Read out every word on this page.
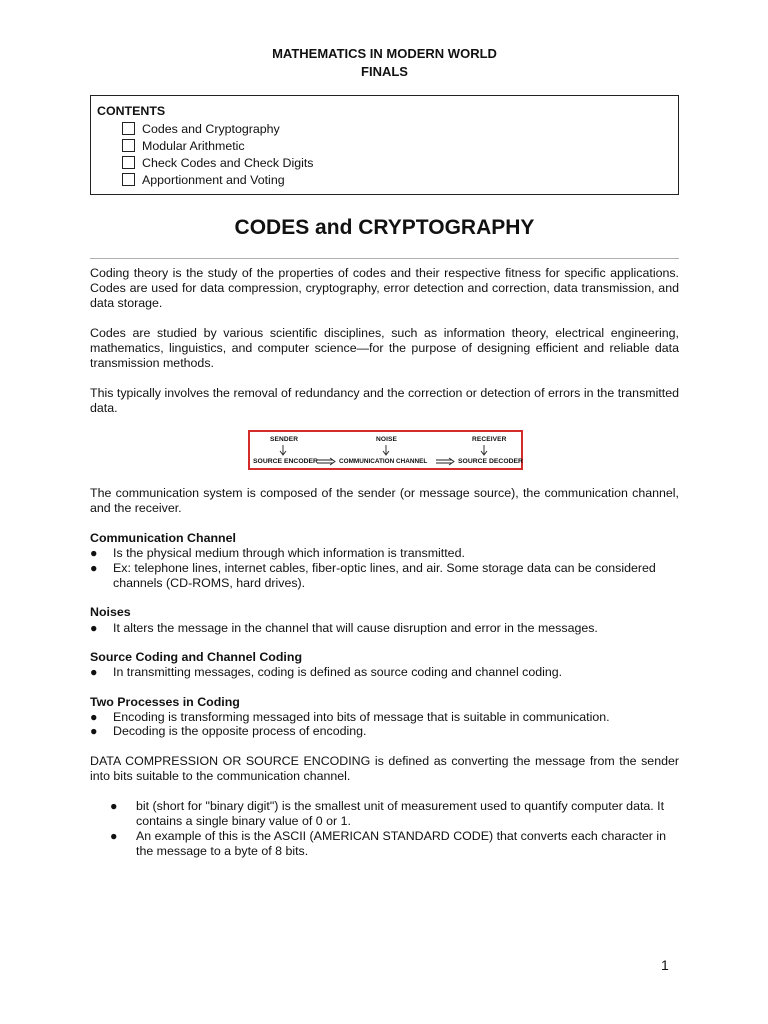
MATHEMATICS IN MODERN WORLD
FINALS
CONTENTS
Codes and Cryptography
Modular Arithmetic
Check Codes and Check Digits
Apportionment and Voting
CODES and CRYPTOGRAPHY
Coding theory is the study of the properties of codes and their respective fitness for specific applications. Codes are used for data compression, cryptography, error detection and correction, data transmission, and data storage.
Codes are studied by various scientific disciplines, such as information theory, electrical engineering, mathematics, linguistics, and computer science—for the purpose of designing efficient and reliable data transmission methods.
This typically involves the removal of redundancy and the correction or detection of errors in the transmitted data.
SENDER	NOISE	RECEIVER
SOURCE ENCODER	COMMUNICATION CHANNEL	SOURCE DECODER
The communication system is composed of the sender (or message source), the communication channel, and the receiver.
Communication Channel
● Is the physical medium through which information is transmitted.
● Ex: telephone lines, internet cables, fiber-optic lines, and air. Some storage data can be considered channels (CD-ROMS, hard drives).
Noises
● It alters the message in the channel that will cause disruption and error in the messages.
Source Coding and Channel Coding
● In transmitting messages, coding is defined as source coding and channel coding.
Two Processes in Coding
● Encoding is transforming messaged into bits of message that is suitable in communication.
● Decoding is the opposite process of encoding.
DATA COMPRESSION OR SOURCE ENCODING is defined as converting the message from the sender into bits suitable to the communication channel.
● bit (short for "binary digit") is the smallest unit of measurement used to quantify computer data. It contains a single binary value of 0 or 1.
● An example of this is the ASCII (AMERICAN STANDARD CODE) that converts each character in the message to a byte of 8 bits.
1
